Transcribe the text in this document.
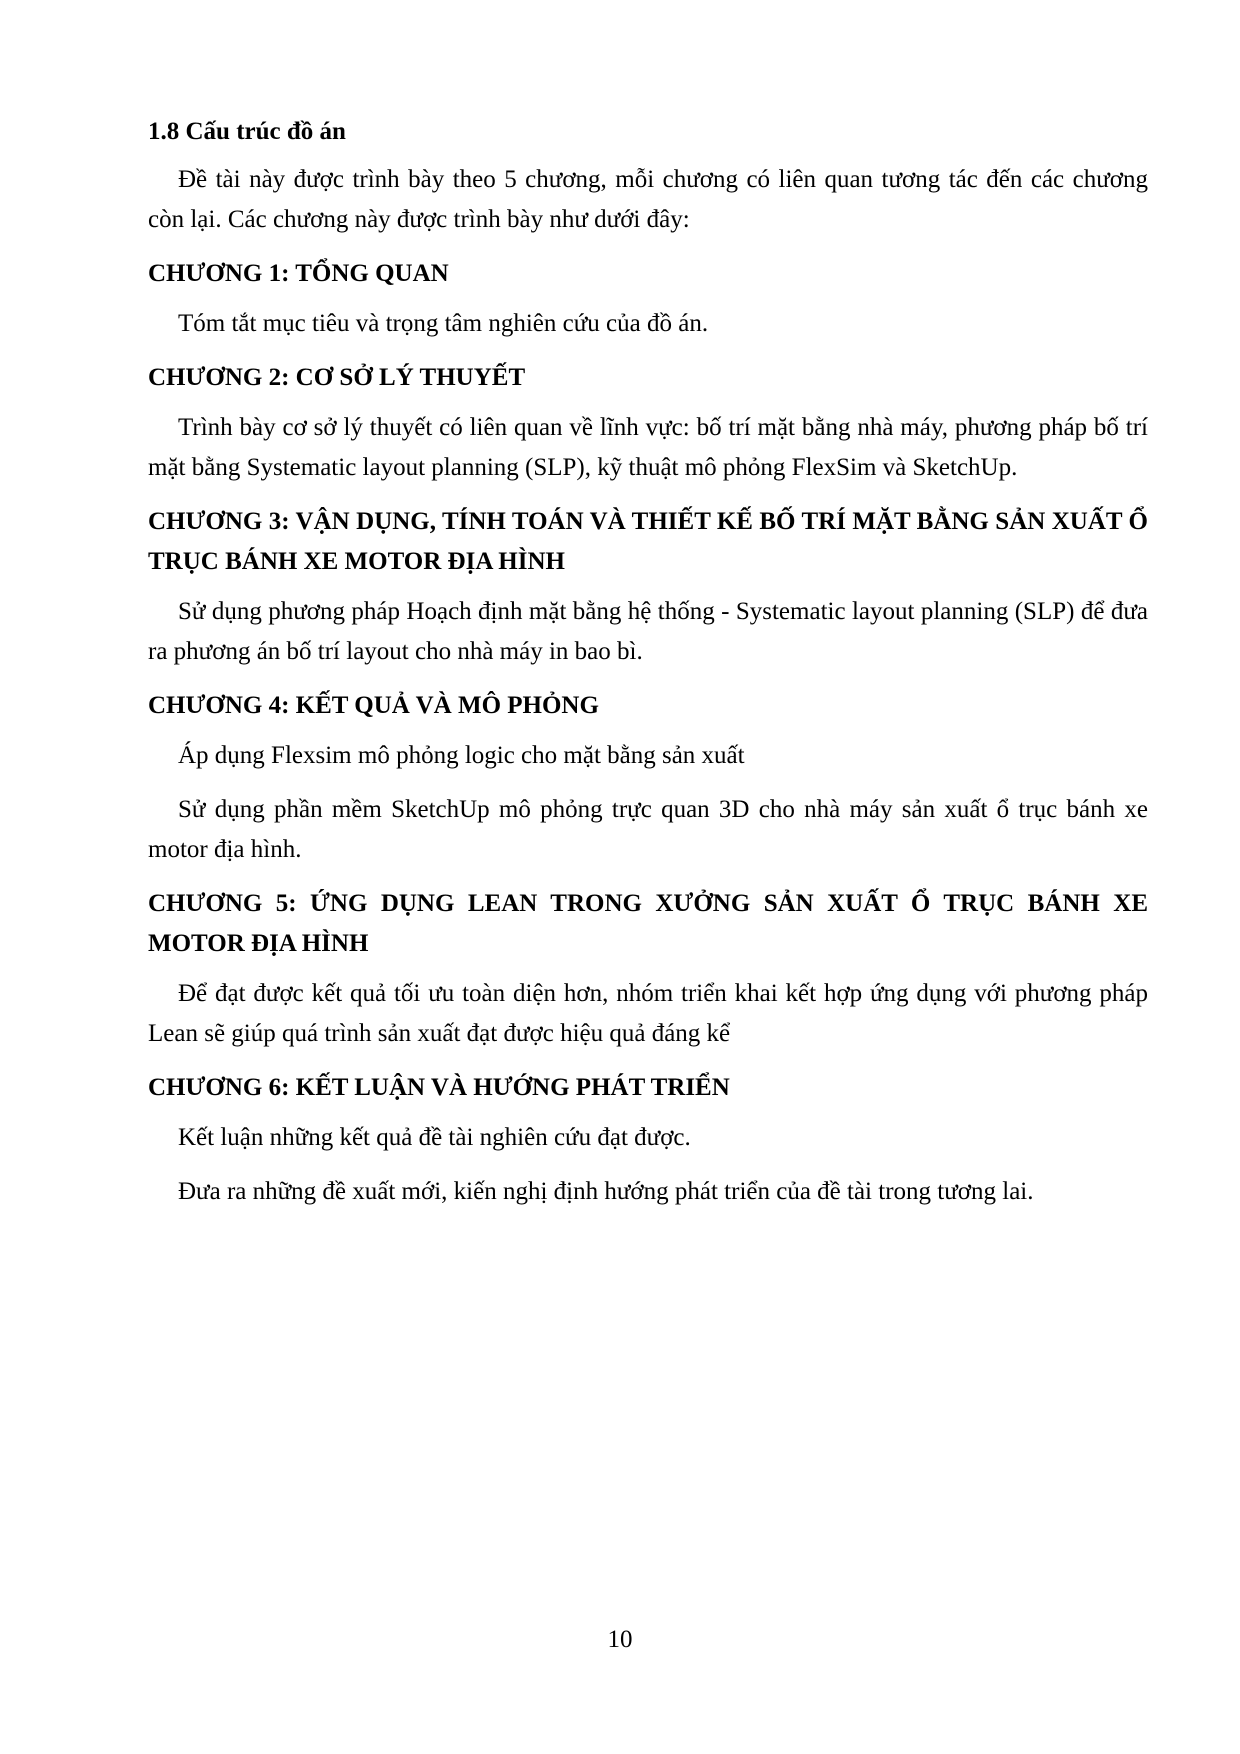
1.8 Cấu trúc đồ án

Đề tài này được trình bày theo 5 chương, mỗi chương có liên quan tương tác đến các chương còn lại. Các chương này được trình bày như dưới đây:

CHƯƠNG 1: TỔNG QUAN

Tóm tắt mục tiêu và trọng tâm nghiên cứu của đồ án.

CHƯƠNG 2: CƠ SỞ LÝ THUYẾT

Trình bày cơ sở lý thuyết có liên quan về lĩnh vực: bố trí mặt bằng nhà máy, phương pháp bố trí mặt bằng Systematic layout planning (SLP), kỹ thuật mô phỏng FlexSim và SketchUp.

CHƯƠNG 3: VẬN DỤNG, TÍNH TOÁN VÀ THIẾT KẾ BỐ TRÍ MẶT BẰNG SẢN XUẤT Ổ TRỤC BÁNH XE MOTOR ĐỊA HÌNH

Sử dụng phương pháp Hoạch định mặt bằng hệ thống - Systematic layout planning (SLP) để đưa ra phương án bố trí layout cho nhà máy in bao bì.

CHƯƠNG 4: KẾT QUẢ VÀ MÔ PHỎNG

Áp dụng Flexsim mô phỏng logic cho mặt bằng sản xuất

Sử dụng phần mềm SketchUp mô phỏng trực quan 3D cho nhà máy sản xuất ổ trục bánh xe motor địa hình.

CHƯƠNG 5: ỨNG DỤNG LEAN TRONG XƯỞNG SẢN XUẤT Ổ TRỤC BÁNH XE MOTOR ĐỊA HÌNH

Để đạt được kết quả tối ưu toàn diện hơn, nhóm triển khai kết hợp ứng dụng với phương pháp Lean sẽ giúp quá trình sản xuất đạt được hiệu quả đáng kể

CHƯƠNG 6: KẾT LUẬN VÀ HƯỚNG PHÁT TRIỂN

Kết luận những kết quả đề tài nghiên cứu đạt được.

Đưa ra những đề xuất mới, kiến nghị định hướng phát triển của đề tài trong tương lai.

10
